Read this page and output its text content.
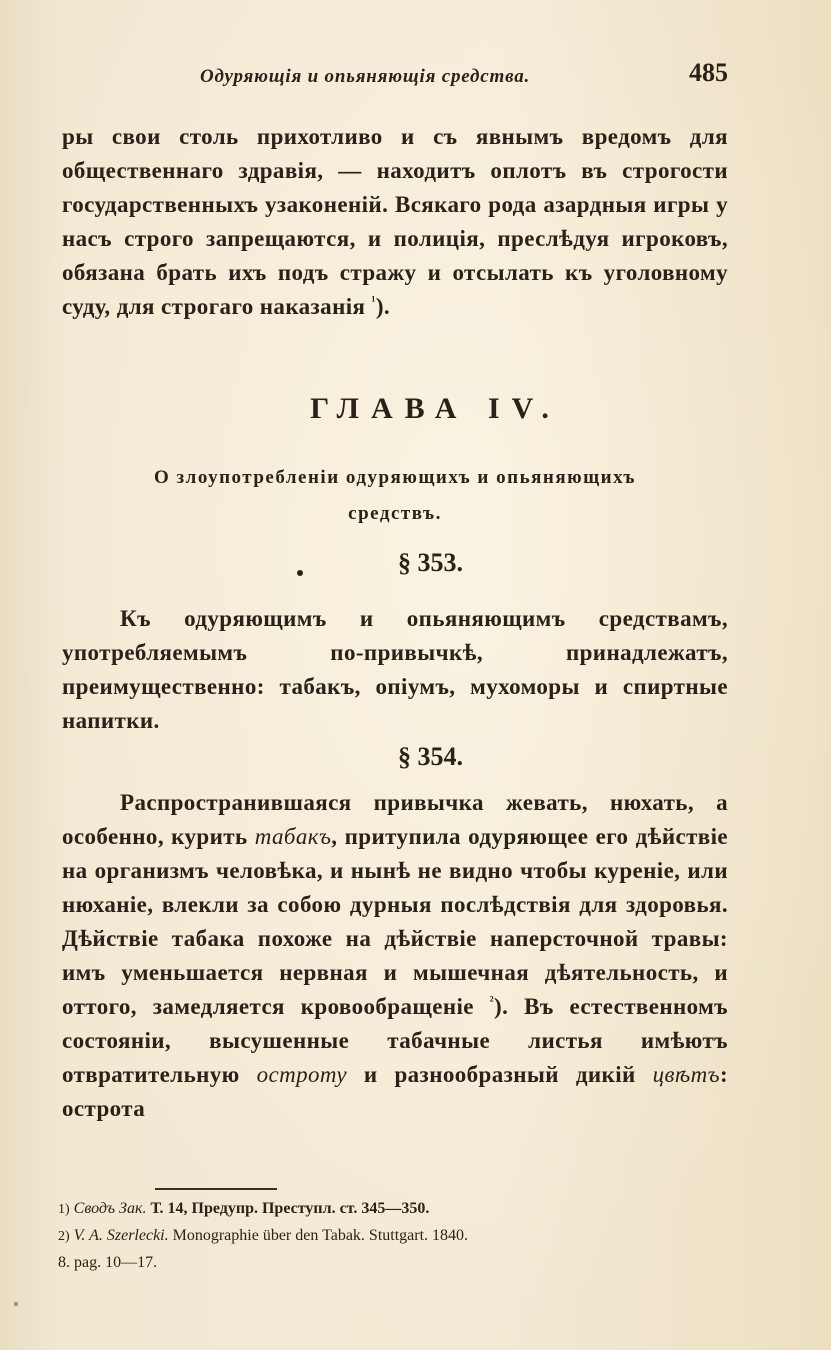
Одуряющія и опьяняющія средства.	485

ры свои столь прихотливо и съ явнымъ вредомъ для общественнаго здравія, — находитъ оплотъ въ строгости государственныхъ узаконеній. Всякаго рода азардныя игры у насъ строго запрещаются, и полиція, преслѣдуя игроковъ, обязана брать ихъ подъ стражу и отсылать къ уголовному суду, для строгаго наказанія $^{^1}$).

ГЛАВА IV.
О злоупотребленіи одуряющихъ и опьяняющихъ
средствъ.
§ 353.

Къ одуряющимъ и опьяняющимъ средствамъ, употребляемымъ по-привычкѣ, принадлежатъ, преимущественно: табакъ, опіумъ, мухоморы и спиртные напитки.

§ 354.

Распространившаяся привычка жевать, нюхать, а особенно, курить табакъ, притупила одуряющее его дѣйствіе на организмъ человѣка, и нынѣ не видно чтобы куреніе, или нюханіе, влекли за собою дурныя послѣдствія для здоровья. Дѣйствіе табака похоже на дѣйствіе наперсточной травы: имъ уменьшается нервная и мышечная дѣятельность, и оттого, замедляется кровообращеніе $^{^2}$). Въ естественномъ состояніи, высушенные табачные листья имѣютъ отвратительную остроту и разнообразный дикій цвѣтъ: острота

1) Сводъ Зак. Т. 14, Предупр. Преступл. ст. 345—350.

2) V. A. Szerlecki. Monographie über den Tabak. Stuttgart. 1840.

8. pag. 10—17.
